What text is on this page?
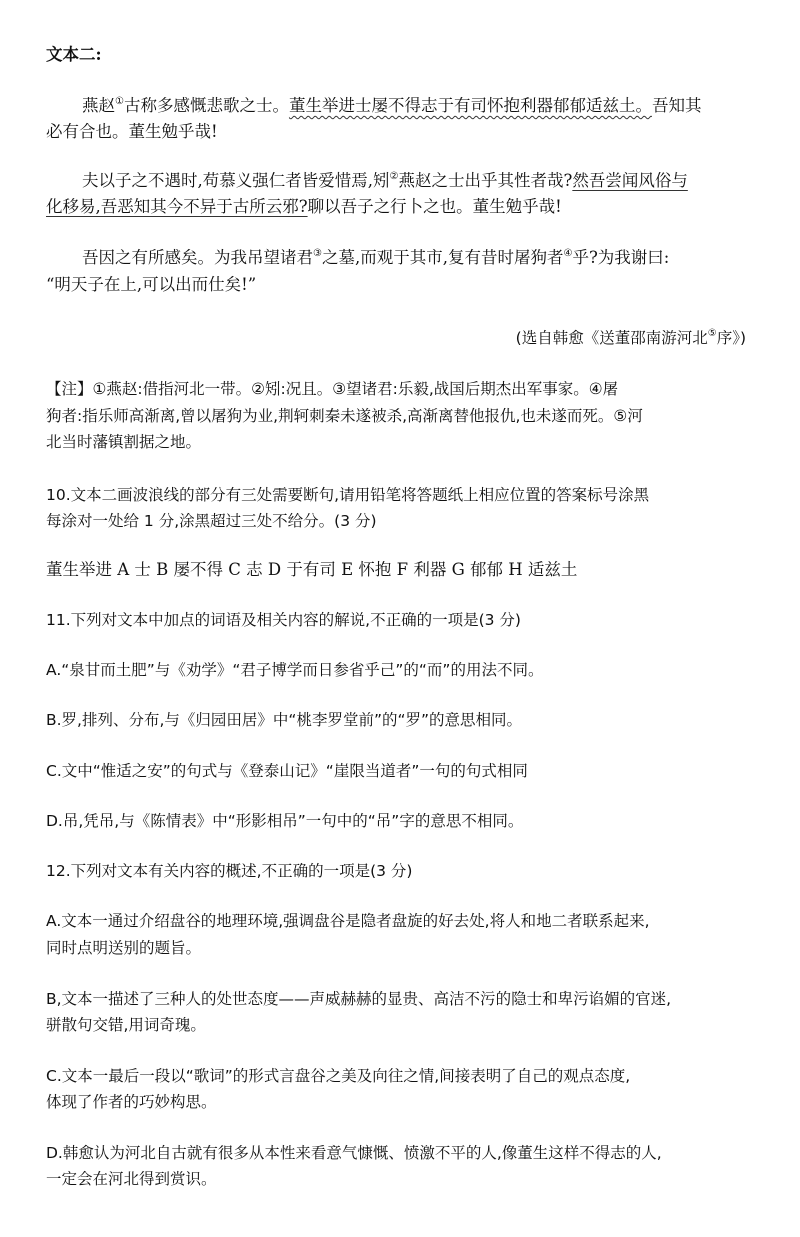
文本二:
燕赵①古称多感慨悲歌之士。董生举进士屡不得志于有司怀抱利器郁郁适兹土。吾知其
必有合也。董生勉乎哉!
夫以子之不遇时,苟慕义强仁者皆爱惜焉,矧②燕赵之士出乎其性者哉?然吾尝闻风俗与
化移易,吾恶知其今不异于古所云邪?聊以吾子之行卜之也。董生勉乎哉!
吾因之有所感矣。为我吊望诸君③之墓,而观于其市,复有昔时屠狗者④乎?为我谢曰:
“明天子在上,可以出而仕矣!”
(选自韩愈《送董邵南游河北⑤序》)
【注】①燕赵:借指河北一带。②矧:况且。③望诸君:乐毅,战国后期杰出军事家。④屠
狗者:指乐师高渐离,曾以屠狗为业,荆轲刺秦未遂被杀,高渐离替他报仇,也未遂而死。⑤河
北当时藩镇割据之地。
10.文本二画波浪线的部分有三处需要断句,请用铅笔将答题纸上相应位置的答案标号涂黑
每涂对一处给 1 分,涂黑超过三处不给分。(3 分)
董生举进 A 士 B 屡不得 C 志 D 于有司 E 怀抱 F 利器 G 郁郁 H 适兹土
11.下列对文本中加点的词语及相关内容的解说,不正确的一项是(3 分)
A.“泉甘而土肥”与《劝学》“君子博学而日参省乎己”的“而”的用法不同。
B.罗,排列、分布,与《归园田居》中“桃李罗堂前”的“罗”的意思相同。
C.文中“惟适之安”的句式与《登泰山记》“崖限当道者”一句的句式相同
D.吊,凭吊,与《陈情表》中“形影相吊”一句中的“吊”字的意思不相同。
12.下列对文本有关内容的概述,不正确的一项是(3 分)
A.文本一通过介绍盘谷的地理环境,强调盘谷是隐者盘旋的好去处,将人和地二者联系起来,
同时点明送别的题旨。
B,文本一描述了三种人的处世态度——声威赫赫的显贵、高洁不污的隐士和卑污谄媚的官迷,
骈散句交错,用词奇瑰。
C.文本一最后一段以“歌词”的形式言盘谷之美及向往之情,间接表明了自己的观点态度,
体现了作者的巧妙构思。
D.韩愈认为河北自古就有很多从本性来看意气慷慨、愤激不平的人,像董生这样不得志的人,
一定会在河北得到赏识。
